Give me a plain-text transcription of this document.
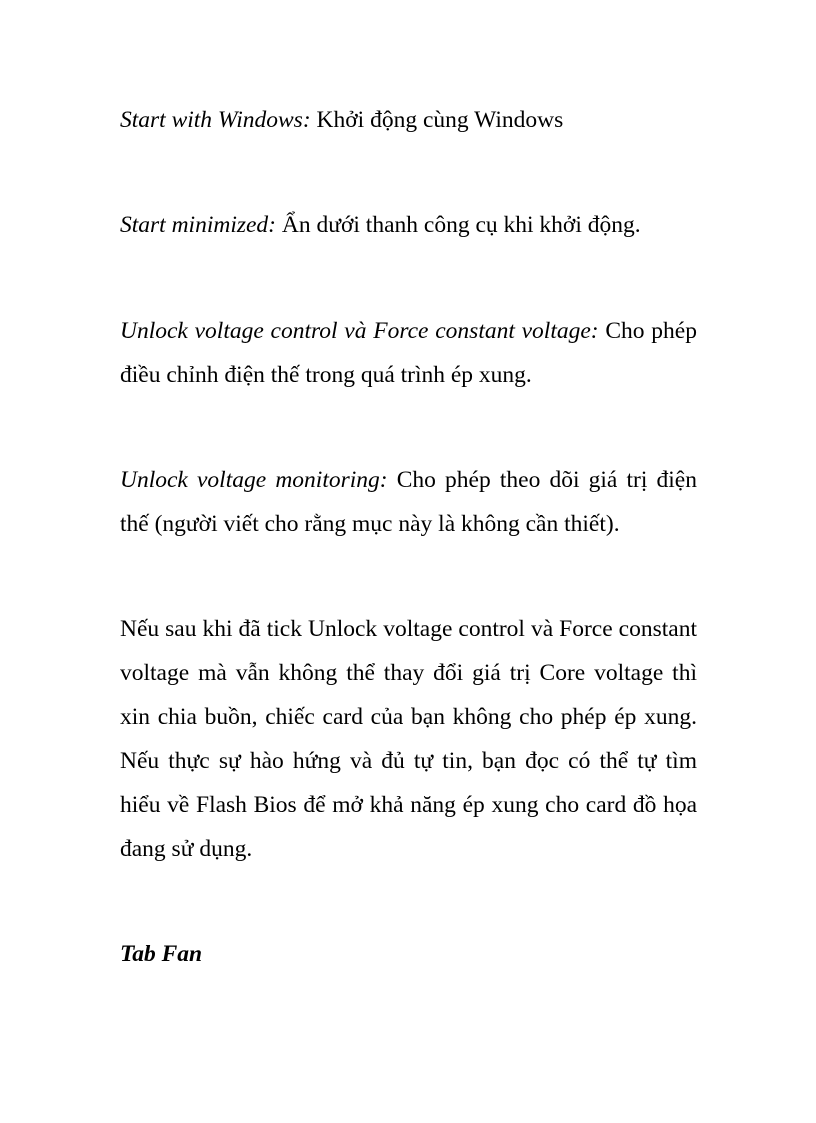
Start with Windows: Khởi động cùng Windows

Start minimized: Ẩn dưới thanh công cụ khi khởi động.

Unlock voltage control và Force constant voltage: Cho phép điều chỉnh điện thế trong quá trình ép xung.

Unlock voltage monitoring: Cho phép theo dõi giá trị điện thế (người viết cho rằng mục này là không cần thiết).

Nếu sau khi đã tick Unlock voltage control và Force constant voltage mà vẫn không thể thay đổi giá trị Core voltage thì xin chia buồn, chiếc card của bạn không cho phép ép xung. Nếu thực sự hào hứng và đủ tự tin, bạn đọc có thể tự tìm hiểu về Flash Bios để mở khả năng ép xung cho card đồ họa đang sử dụng.

Tab Fan
